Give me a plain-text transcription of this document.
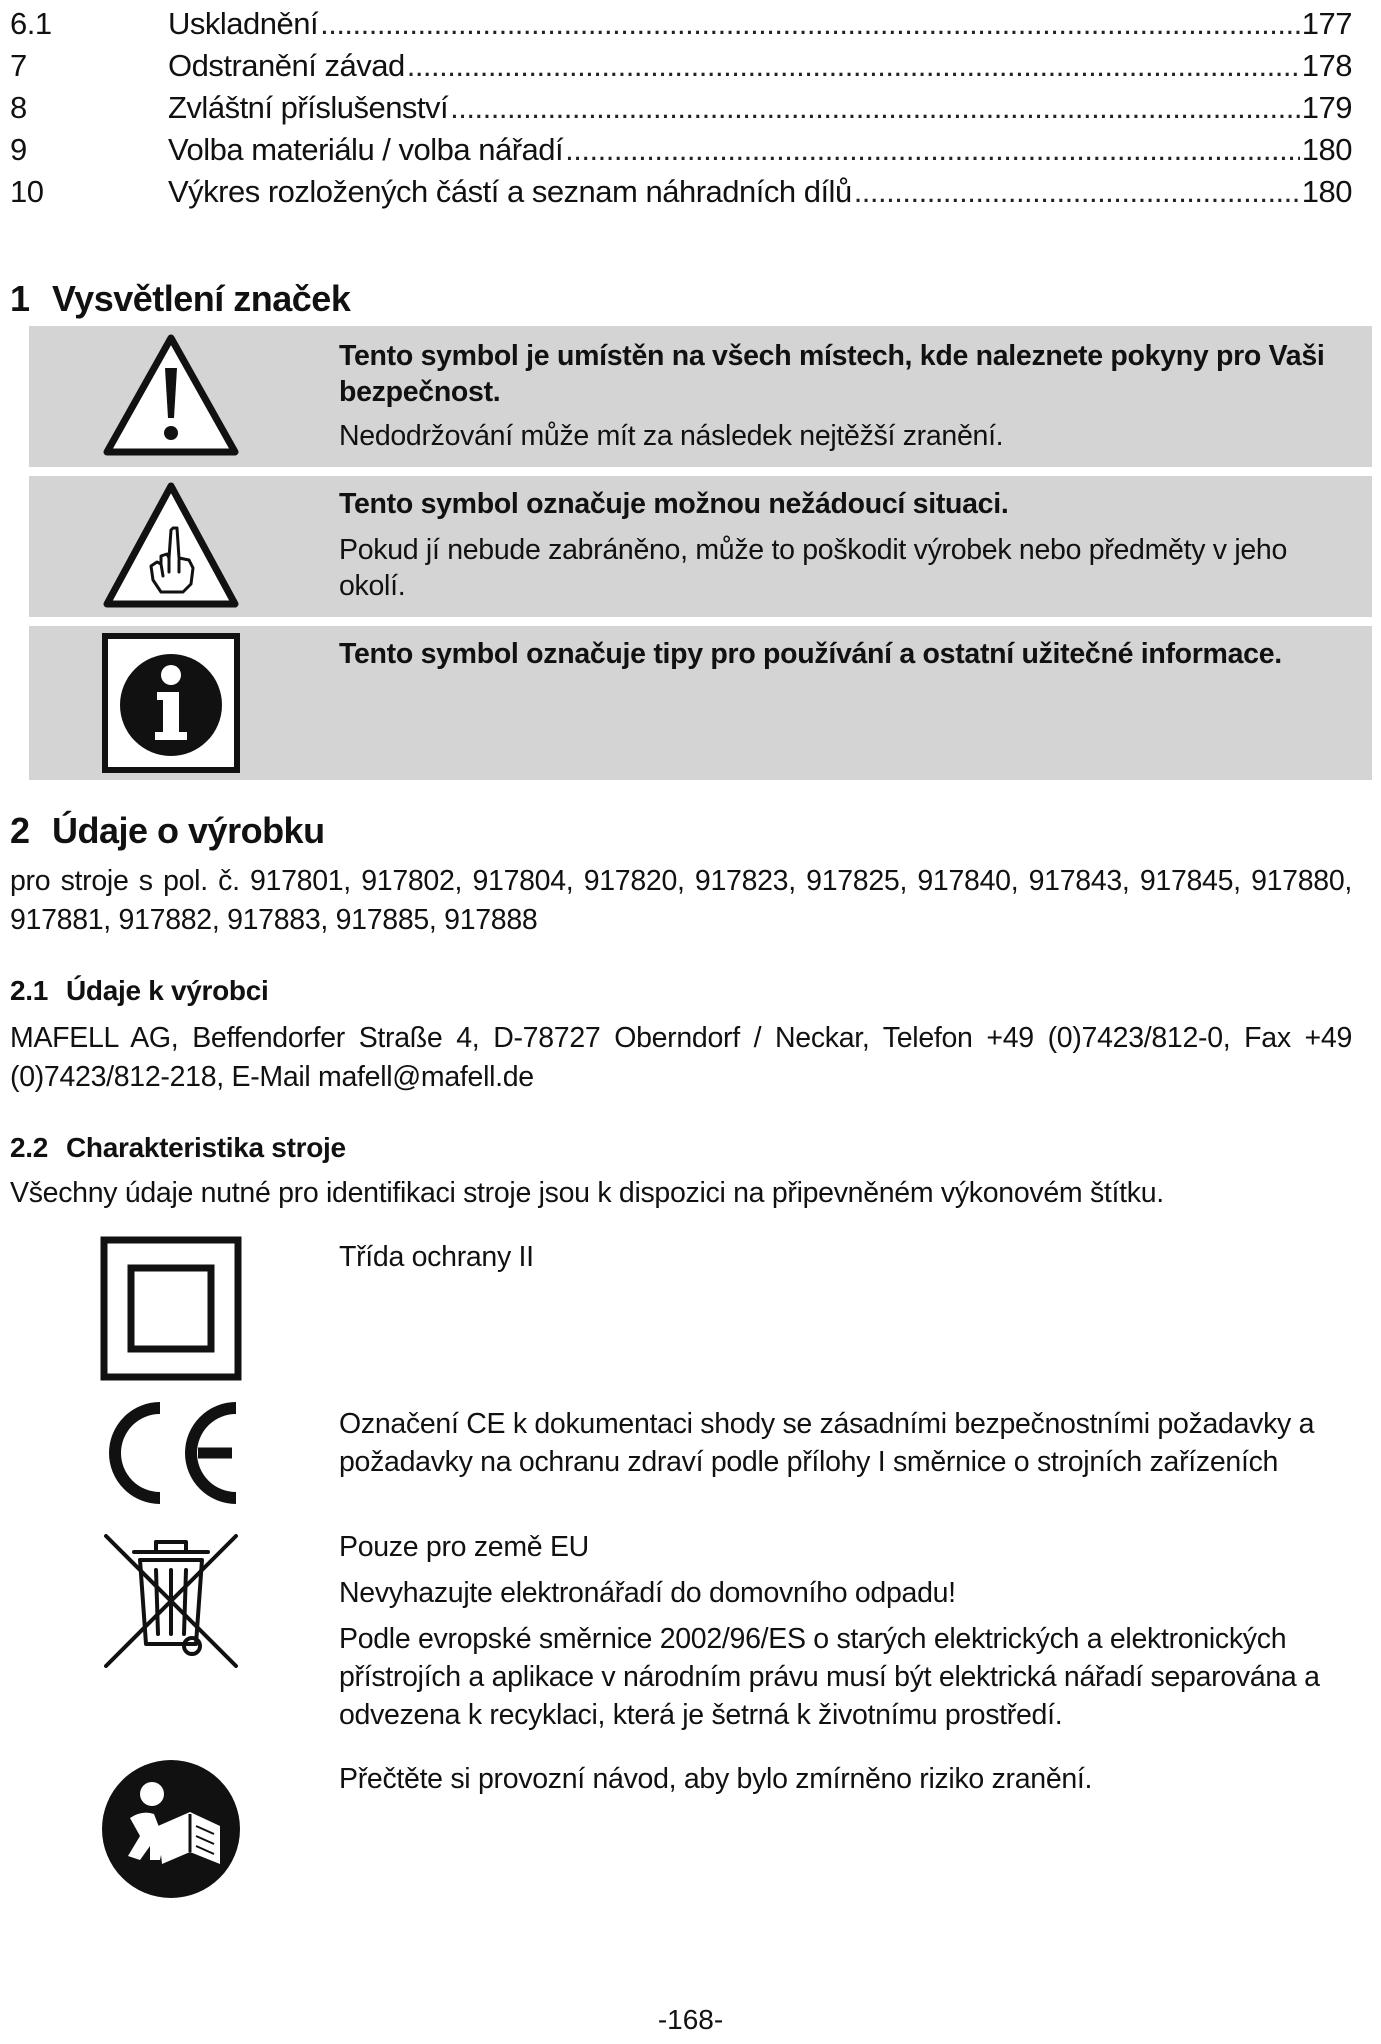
6.1	Uskladnění .....	177
7	Odstranění závad .....	178
8	Zvláštní příslušenství .....	179
9	Volba materiálu / volba nářadí .....	180
10	Výkres rozložených částí a seznam náhradních dílů .....	180
1 Vysvětlení značek
Tento symbol je umístěn na všech místech, kde naleznete pokyny pro Vaši bezpečnost.
Nedodržování může mít za následek nejtěžší zranění.
Tento symbol označuje možnou nežádoucí situaci.
Pokud jí nebude zabráněno, může to poškodit výrobek nebo předměty v jeho okolí.
Tento symbol označuje tipy pro používání a ostatní užitečné informace.
2 Údaje o výrobku
pro stroje s pol. č. 917801, 917802, 917804, 917820, 917823, 917825, 917840, 917843, 917845, 917880, 917881, 917882, 917883, 917885, 917888
2.1 Údaje k výrobci
MAFELL AG, Beffendorfer Straße 4, D-78727 Oberndorf / Neckar, Telefon +49 (0)7423/812-0, Fax +49 (0)7423/812-218, E-Mail mafell@mafell.de
2.2 Charakteristika stroje
Všechny údaje nutné pro identifikaci stroje jsou k dispozici na připevněném výkonovém štítku.

Třída ochrany II

Označení CE k dokumentaci shody se zásadními bezpečnostními požadavky a požadavky na ochranu zdraví podle přílohy I směrnice o strojních zařízeních

Pouze pro země EU

Nevyhazujte elektronářadí do domovního odpadu!

Podle evropské směrnice 2002/96/ES o starých elektrických a elektronických přístrojích a aplikace v národním právu musí být elektrická nářadí separována a odvezena k recyklaci, která je šetrná k životnímu prostředí.

Přečtěte si provozní návod, aby bylo zmírněno riziko zranění.

-168-
